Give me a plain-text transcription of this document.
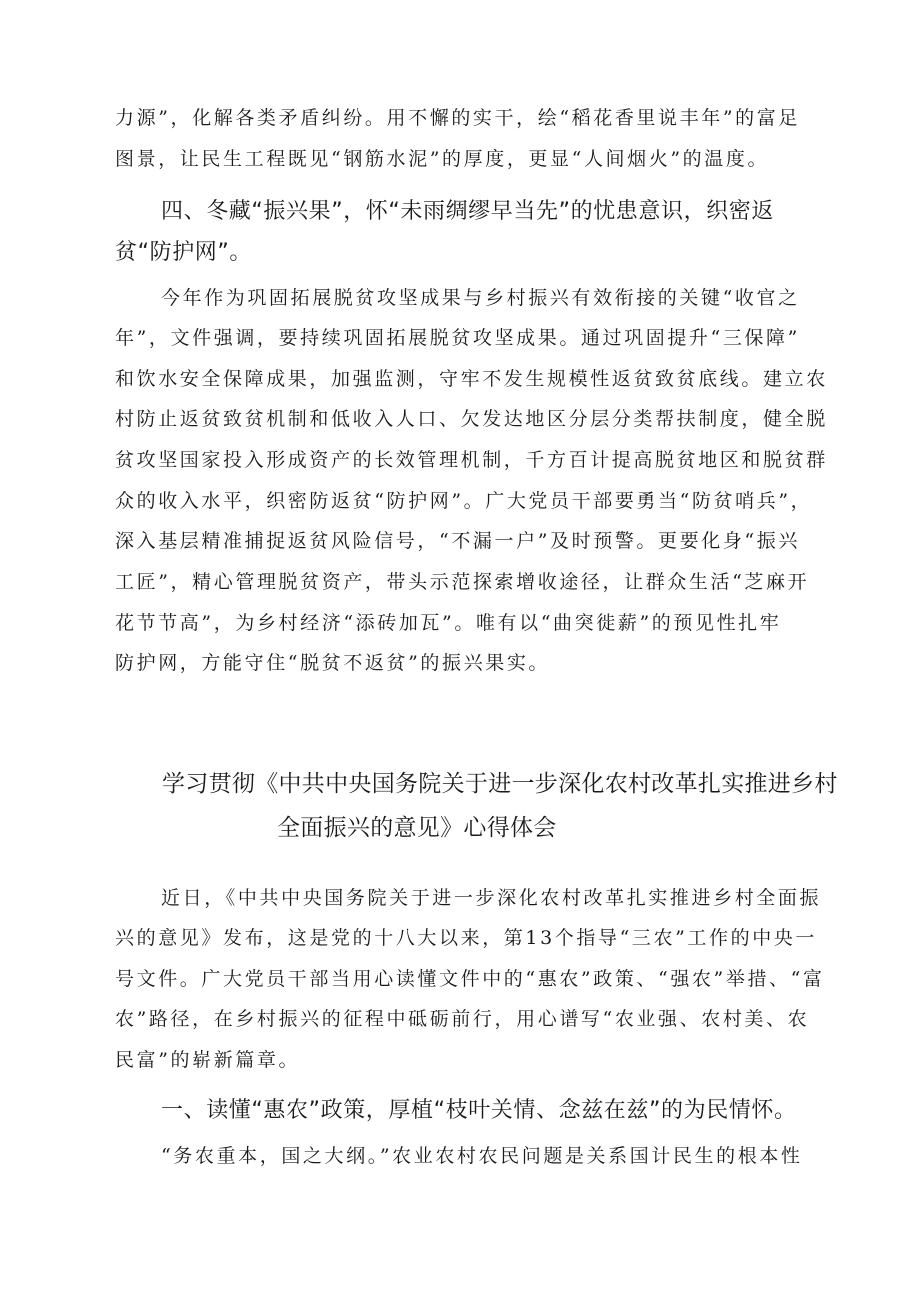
力源”，化解各类矛盾纠纷。用不懈的实干，绘“稻花香里说丰年”的富足
图景，让民生工程既见“钢筋水泥”的厚度，更显“人间烟火”的温度。
四、冬藏“振兴果”，怀“未雨绸缪早当先”的忧患意识，织密返
贫“防护网”。
今年作为巩固拓展脱贫攻坚成果与乡村振兴有效衔接的关键“收官之
年”，文件强调，要持续巩固拓展脱贫攻坚成果。通过巩固提升“三保障”
和饮水安全保障成果，加强监测，守牢不发生规模性返贫致贫底线。建立农
村防止返贫致贫机制和低收入人口、欠发达地区分层分类帮扶制度，健全脱
贫攻坚国家投入形成资产的长效管理机制，千方百计提高脱贫地区和脱贫群
众的收入水平，织密防返贫“防护网”。广大党员干部要勇当“防贫哨兵”，
深入基层精准捕捉返贫风险信号，“不漏一户”及时预警。更要化身“振兴
工匠”，精心管理脱贫资产，带头示范探索增收途径，让群众生活“芝麻开
花节节高”，为乡村经济“添砖加瓦”。唯有以“曲突徙薪”的预见性扎牢
防护网，方能守住“脱贫不返贫”的振兴果实。
学习贯彻《中共中央国务院关于进一步深化农村改革扎实推进乡村
全面振兴的意见》心得体会
近日，《中共中央国务院关于进一步深化农村改革扎实推进乡村全面振
兴的意见》发布，这是党的十八大以来，第13个指导“三农”工作的中央一
号文件。广大党员干部当用心读懂文件中的“惠农”政策、“强农”举措、“富
农”路径，在乡村振兴的征程中砥砺前行，用心谱写“农业强、农村美、农
民富”的崭新篇章。
一、读懂“惠农”政策，厚植“枝叶关情、念兹在兹”的为民情怀。
“务农重本，国之大纲。”农业农村农民问题是关系国计民生的根本性
